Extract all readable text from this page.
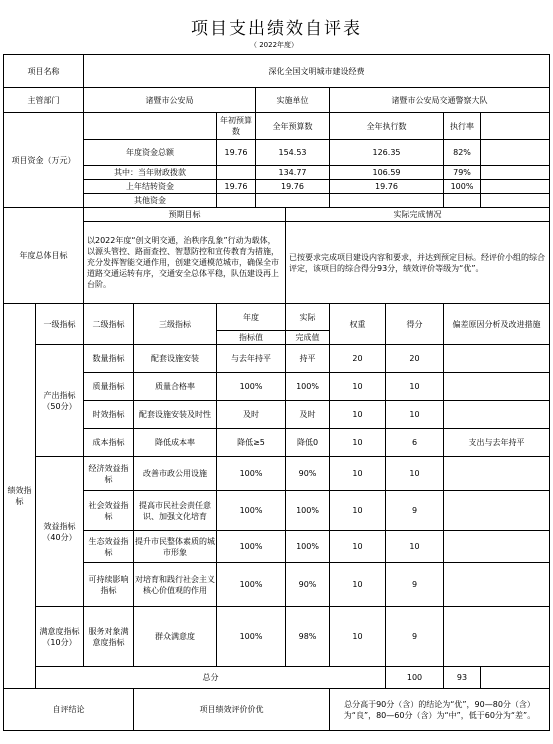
项目支出绩效自评表
（ 2022年度）
项目名称		深化全国文明城市建设经费								
主管部门		诸暨市公安局			实施单位		诸暨市公安局交通警察大队			
项目资金（万元）				年初预算数	全年预算数		全年执行数		执行率	
		年度资金总额		19.76	154.53		126.35		82%	
		其中：当年财政拨款			134.77		106.59		79%	
		上年结转资金		19.76	19.76		19.76		100%	
		其他资金								
年度总体目标		预期目标				实际完成情况				
		以2022年度“创文明交通，治秩序乱象”行动为载体，以源头管控、路面查控、智慧防控和宣传教育为措施，充分发挥智能交通作用，创建交通模范城市，确保全市道路交通运转有序，交通安全总体平稳，队伍建设再上台阶。				已按要求完成项目建设内容和要求，并达到预定目标。经评价小组的综合评定，该项目的综合得分93分，绩效评价等级为“优”。				
绩效指标	一级指标	二级指标	三级指标	年度		实际	权重	得分	偏差原因分析及改进措施	
				指标值		完成值				
	产出指标（50分）	数量指标	配套设施安装	与去年持平		持平	20	20		
		质量指标	质量合格率	100%		100%	10	10		
		时效指标	配套设施安装及时性	及时		及时	10	10		
		成本指标	降低成本率	降低≥5		降低0	10	6	支出与去年持平	
	效益指标（40分）	经济效益指标	改善市政公用设施	100%		90%	10	10		
		社会效益指标	提高市民社会责任意识、加强文化培育	100%		100%	10	9		
		生态效益指标	提升市民整体素质的城市形象	100%		100%	10	10		
		可持续影响指标	对培育和践行社会主义核心价值观的作用	100%		90%	10	9		
	满意度指标（10分）	服务对象满意度指标	群众满意度	100%		98%	10	9		
	总分							100	93	
自评结论			项目绩效评价价优				总分高于90分（含）的结论为“优”，90—80分（含）为“良”，80—60分（含）为“中”，低于60分为“差”。			
